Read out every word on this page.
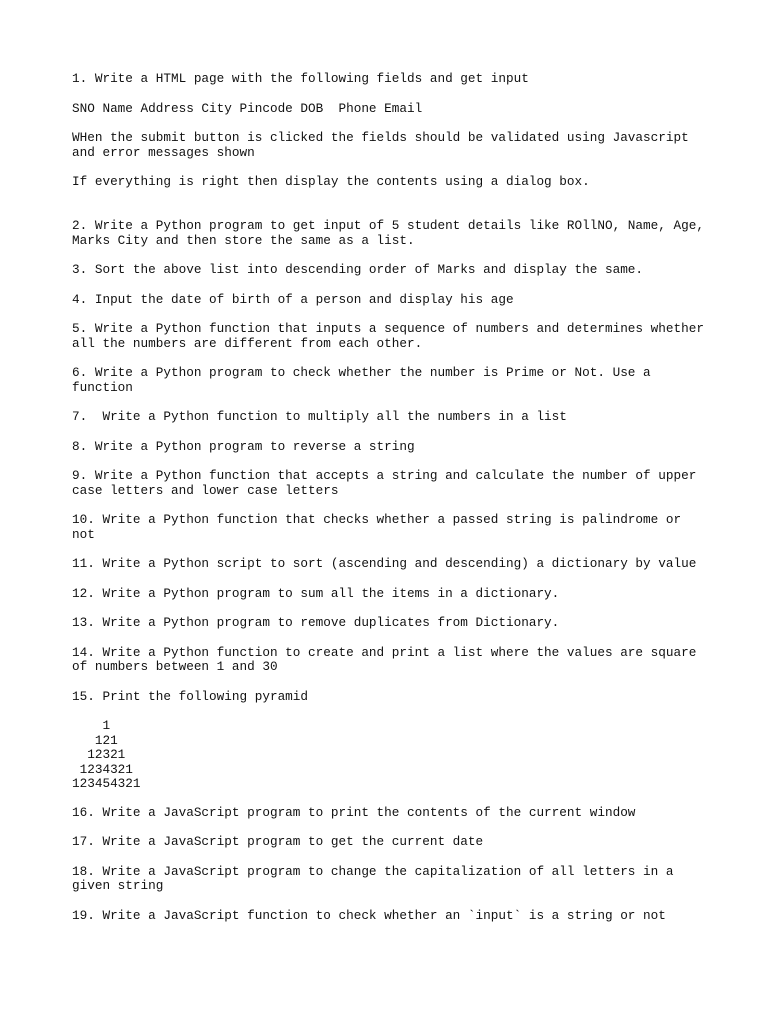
1. Write a HTML page with the following fields and get input

SNO Name Address City Pincode DOB  Phone Email

WHen the submit button is clicked the fields should be validated using Javascript
and error messages shown

If everything is right then display the contents using a dialog box.

2. Write a Python program to get input of 5 student details like ROllNO, Name, Age,
Marks City and then store the same as a list.

3. Sort the above list into descending order of Marks and display the same.

4. Input the date of birth of a person and display his age

5. Write a Python function that inputs a sequence of numbers and determines whether
all the numbers are different from each other.

6. Write a Python program to check whether the number is Prime or Not. Use a
function

7.  Write a Python function to multiply all the numbers in a list

8. Write a Python program to reverse a string

9. Write a Python function that accepts a string and calculate the number of upper
case letters and lower case letters

10. Write a Python function that checks whether a passed string is palindrome or
not

11. Write a Python script to sort (ascending and descending) a dictionary by value

12. Write a Python program to sum all the items in a dictionary.

13. Write a Python program to remove duplicates from Dictionary.

14. Write a Python function to create and print a list where the values are square
of numbers between 1 and 30

15. Print the following pyramid

1
121
12321
1234321
123454321

16. Write a JavaScript program to print the contents of the current window

17. Write a JavaScript program to get the current date

18. Write a JavaScript program to change the capitalization of all letters in a
given string

19. Write a JavaScript function to check whether an `input` is a string or not
